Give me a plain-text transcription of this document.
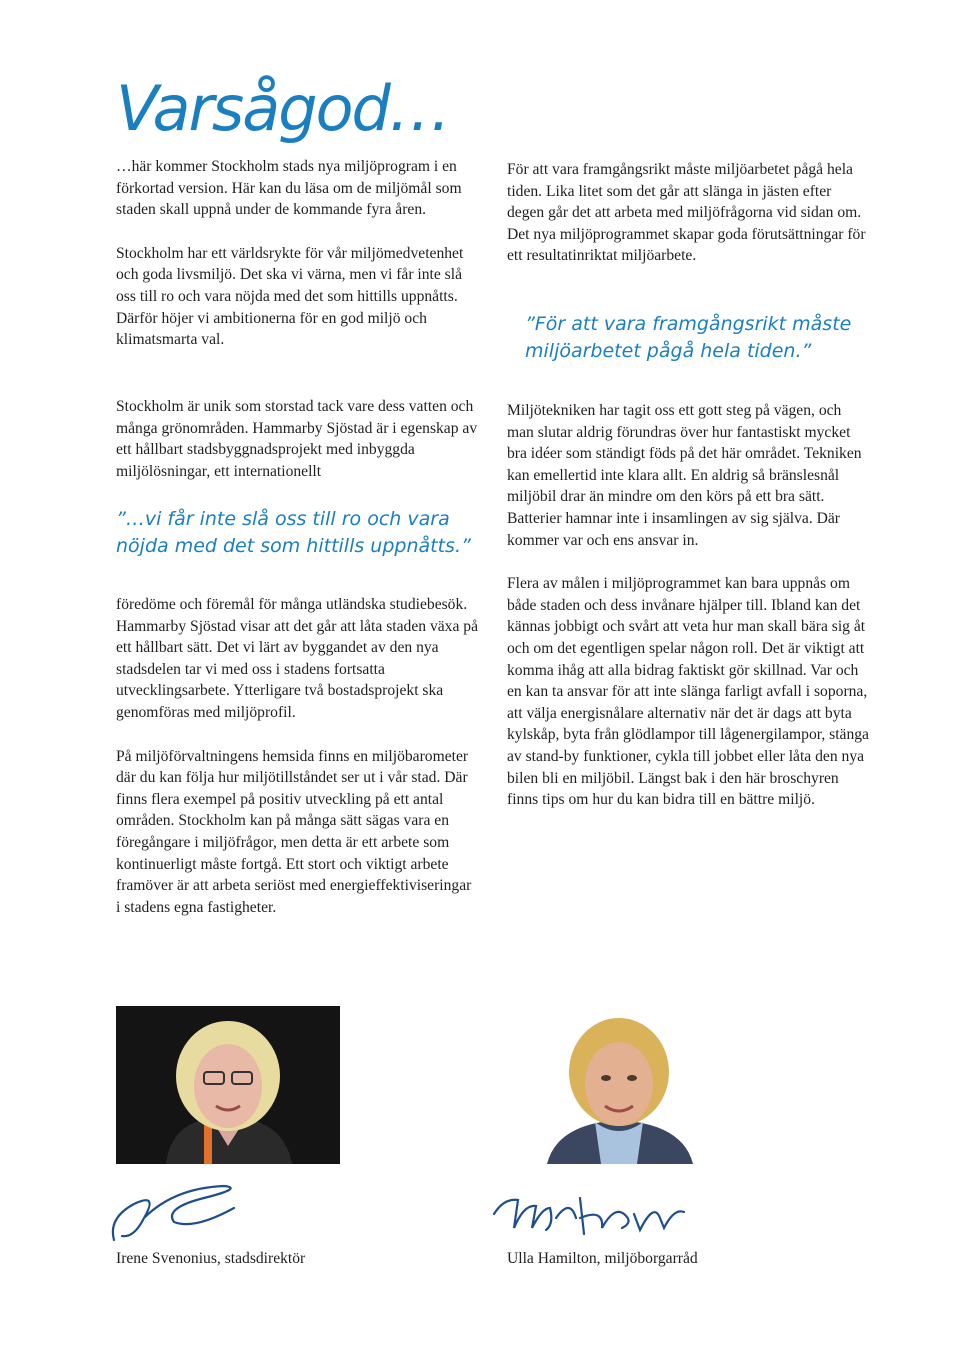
Varsågod…

…här kommer Stockholm stads nya miljöprogram i en förkortad version. Här kan du läsa om de miljömål som staden skall uppnå under de kommande fyra åren.

Stockholm har ett världsrykte för vår miljömedvetenhet och goda livsmiljö. Det ska vi värna, men vi får inte slå oss till ro och vara nöjda med det som hittills uppnåtts. Därför höjer vi ambitionerna för en god miljö och klimatsmarta val.

Stockholm är unik som storstad tack vare dess vatten och många grönområden. Hammarby Sjöstad är i egenskap av ett hållbart stadsbyggnadsprojekt med inbyggda miljölösningar, ett internationellt

”…vi får inte slå oss till ro och vara nöjda med det som hittills uppnåtts.”

föredöme och föremål för många utländska studiebesök. Hammarby Sjöstad visar att det går att låta staden växa på ett hållbart sätt. Det vi lärt av byggandet av den nya stadsdelen tar vi med oss i stadens fortsatta utvecklingsarbete. Ytterligare två bostadsprojekt ska genomföras med miljöprofil.

På miljöförvaltningens hemsida finns en miljöbarometer där du kan följa hur miljötillståndet ser ut i vår stad. Där finns flera exempel på positiv utveckling på ett antal områden. Stockholm kan på många sätt sägas vara en föregångare i miljöfrågor, men detta är ett arbete som kontinuerligt måste fortgå. Ett stort och viktigt arbete framöver är att arbeta seriöst med energieffektiviseringar i stadens egna fastigheter.

För att vara framgångsrikt måste miljöarbetet pågå hela tiden. Lika litet som det går att slänga in jästen efter degen går det att arbeta med miljöfrågorna vid sidan om. Det nya miljöprogrammet skapar goda förutsättningar för ett resultatinriktat miljöarbete.

”För att vara framgångsrikt måste miljöarbetet pågå hela tiden.”

Miljötekniken har tagit oss ett gott steg på vägen, och man slutar aldrig förundras över hur fantastiskt mycket bra idéer som ständigt föds på det här området. Tekniken kan emellertid inte klara allt. En aldrig så bränslesnål miljöbil drar än mindre om den körs på ett bra sätt. Batterier hamnar inte i insamlingen av sig själva. Där kommer var och ens ansvar in.

Flera av målen i miljöprogrammet kan bara uppnås om både staden och dess invånare hjälper till. Ibland kan det kännas jobbigt och svårt att veta hur man skall bära sig åt och om det egentligen spelar någon roll. Det är viktigt att komma ihåg att alla bidrag faktiskt gör skillnad. Var och en kan ta ansvar för att inte slänga farligt avfall i soporna, att välja energisnålare alternativ när det är dags att byta kylskåp, byta från glödlampor till lågenergilampor, stänga av stand-by funktioner, cykla till jobbet eller låta den nya bilen bli en miljöbil. Längst bak i den här broschyren finns tips om hur du kan bidra till en bättre miljö.

Irene Svenonius, stadsdirektör	Ulla Hamilton, miljöborgarråd
